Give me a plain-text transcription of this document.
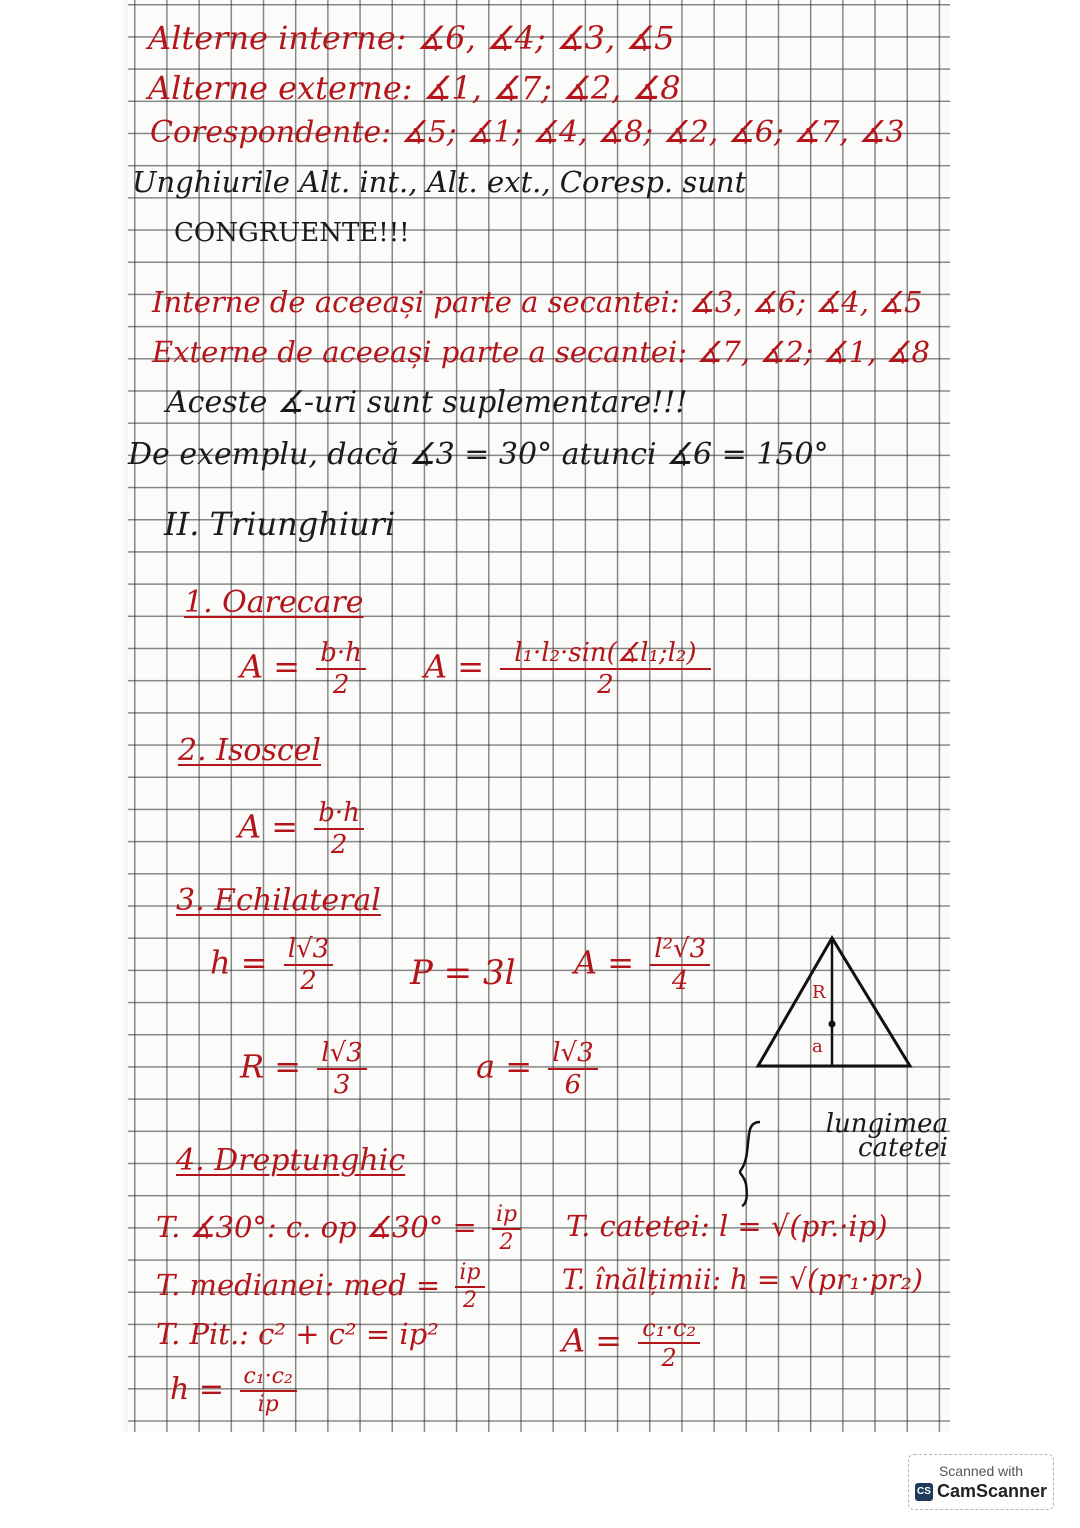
Alterne interne: ∡6, ∡4; ∡3, ∡5
Alterne externe: ∡1, ∡7; ∡2, ∡8
Corespondente: ∡5; ∡1; ∡4, ∡8; ∡2, ∡6; ∡7, ∡3
Unghiurile Alt. int., Alt. ext., Coresp. sunt
CONGRUENTE!!!
Interne de aceeași parte a secantei: ∡3, ∡6; ∡4, ∡5
Externe de aceeași parte a secantei: ∡7, ∡2; ∡1, ∡8
Aceste ∡-uri sunt suplementare!!!
De exemplu, dacă ∡3 = 30° atunci ∡6 = 150°
II. Triunghiuri
1. Oarecare
$A = \frac{b\cdot h}{2}$ $A = \frac{\text{l₁·l₂·sin(∡l₁;l₂)}}{2}$
2. Isoscel
$A = \frac{b\cdot h}{2}$
3. Echilateral
$h = \frac{l√3}{2}$ P = 3l $A = \frac{\text{l²√3}}{4}$
$R = \frac{l√3}{3}$	$a = \frac{l√3}{6}$
R
a
4. Dreptunghic
lungimea catetei
T. ∡30°: c. op ∡30° = $\frac{ip}{2} T$. catetei: l = √(pr.·ip)
T. medianei: med = $\frac{ip}{2}$	T. înălțimii: h = √(pr₁·pr₂)
T. Pit.: c² + c² = ip²	$A = \frac{\text{c₁·c₂}}{2}$
$h = \frac{\text{c₁·c₂}}{ip}$
Scanned with
CS CamScanner
